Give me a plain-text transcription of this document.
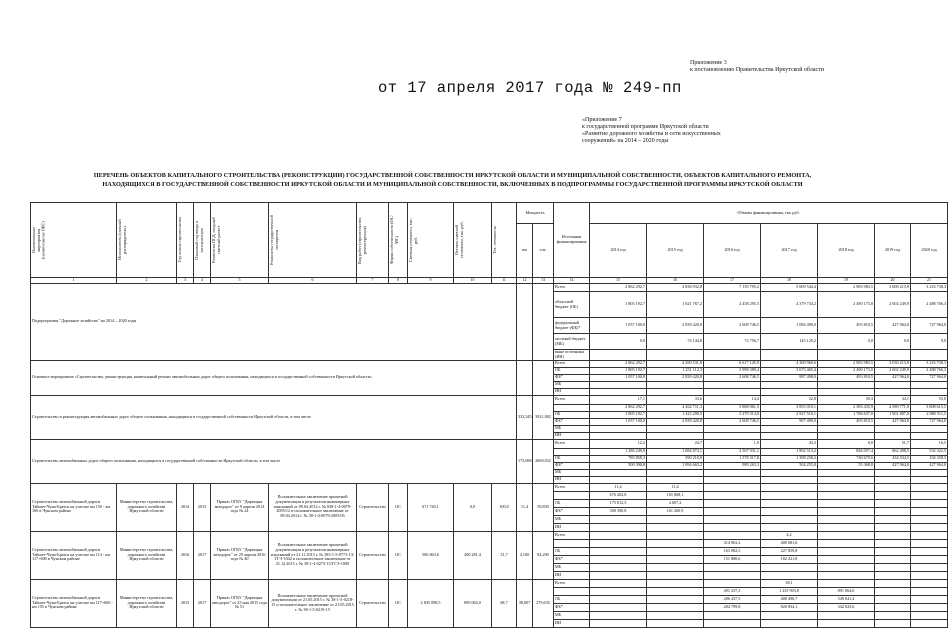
Приложение 3
к постановлению Правительства Иркутской области
от 17 апреля 2017 года № 249-пп
«Приложение 7
к государственной программе Иркутской области
«Развитие дорожного хозяйства и сети искусственных
сооружений» на 2014 – 2020 годы
ПЕРЕЧЕНЬ ОБЪЕКТОВ КАПИТАЛЬНОГО СТРОИТЕЛЬСТВА (РЕКОНСТРУКЦИИ) ГОСУДАРСТВЕННОЙ СОБСТВЕННОСТИ ИРКУТСКОЙ ОБЛАСТИ И МУНИЦИПАЛЬНОЙ СОБСТВЕННОСТИ, ОБЪЕКТОВ КАПИТАЛЬНОГО РЕМОНТА,
НАХОДЯЩИХСЯ В ГОСУДАРСТВЕННОЙ СОБСТВЕННОСТИ ИРКУТСКОЙ ОБЛАСТИ И МУНИЦИПАЛЬНОЙ СОБСТВЕННОСТИ, ВКЛЮЧЕННЫХ В ПОДПРОГРАММЫ ГОСУДАРСТВЕННОЙ ПРОГРАММЫ ИРКУТСКОЙ ОБЛАСТИ
Наименование мероприятия (наименование ОКС)	Исполнитель (главный распорядитель)	Год начала строительства	Плановый год ввода в эксплуатацию	Реквизиты ПСД, сводный сметный расчет	Реквизиты государственной экспертизы	Вид работ (строительство, реконструкция)	Форма собственности (ОС/МС)	Сметная стоимость, тыс. руб.	Остаток сметной стоимости, тыс. руб.	Тех. готовность	Мощность		Источники финансирования	Объемы финансирования, тыс руб.						
											км	п.м.		2014 год	2015 год	2016 год	2017 год	2018 год	2019 год	2020 год
1	2	3	4	5	6	7	8	9	10	11	12	13	14	15	16	17	18	19	20	21
Подпрограмма "Дорожное хозяйство" на 2014 – 2020 годы													Всего	2 862 292,7	4 836 932,8	7 139 795,2	5 609 544,4	2 983 983,5	3 000 213,9	3 216 730,3
													областной бюджет (ОБ)	1 805 192,7	1 621 767,2	4 458 295,5	4 379 734,2	2 490 173,0	2 602 249,9	2 488 766,3
													федеральный бюджет (ФБ)*	1 057 100,0	2 839 420,8	2 608 746,5	1 084 490,0	493 810,5	427 964,0	727 964,0
													местный бюджет (МБ)	0,0	74 144,8	72 756,7	145 120,2	0,0	0,0	0,0
													иные источники (ИИ)							
Основное мероприятие «Строительство, реконструкция, капитальный ремонт автомобильных дорог общего пользования, находящихся в государственной собственности Иркутской области»													Всего	2 862 292,7	4 290 531,9	6 617 145,9	4 360 960,6	2 983 983,5	3 030 213,9	3 216 730,3
													ОБ	1 805 192,7	1 251 112,3	3 998 389,4	3 673 465,4	2 490 173,0	2 602 249,9	2 488 766,3
													ФБ*	1 057 100,0	2 839 420,8	2 608 746,5	987 498,0	493 810,5	427 964,0	727 964,0
													МБ							
													ИИ							
Строительство и реконструкция автомобильных дорог общего пользования, находящихся в государственной собственности Иркутской области, в том числе											332,545	3921,082	Всего	17,1	33,6	14,4	32,8	39,3	34,1	55,0
														2 862 292,7	4 262 711,3	5 888 061,5	3 855 010,1	2 383 435,9	2 589 771,0	3 808 615,5
													ОБ	1 805 192,7	1 423 290,5	3 279 314,8	2 927 516,1	1 786 637,0	1 901 807,0	2 880 511,5
													ФБ*	1 057 100,0	2 839 420,8	2 608 746,5	907 490,0	493 810,5	427 964,0	727 964,0
													МБ							
													ИИ							
Строительство автомобильных дорог общего пользования, находящихся в государственной собственности Иркутской области, в том числе											173,696	2669,032	Всего	12,2	24,7	1,0	43,3	0,0	51,7	16,5
														1 286 249,9	1 684 874,1	2 567 931,1	1 802 513,2	826 057,4	862 498,5	532 322,5
													ОБ	785 858,3	590 210,9	1 578 317,8	1 398 258,2	730 679,6	434 534,5	104 358,5
													ФБ*	500 390,8	1 094 663,2	989 263,3	504 255,0	55 368,8	427 964,0	427 964,0
													МБ							
													ИИ							
Строительство автомобильной дороги Тайшет-Чуна-Братск на участке км 150 - км 160 в Чунском районе	Министерство строительства, дорожного хозяйства Иркутской области	2014	2015	Приказ ОГКУ "Дирекция автодорог" от 9 апреля 2014 года № 24	Положительное заключение проектной документации и результатов инженерных изысканий от 09.04.2014 г. № 038-1-4-0079-2005/12 и положительное заключение от 09.04.2014 г. № 38-1-4-0079-2005/03	Строительство	ОС	671 740,1	0,0	100,0	11,4	59,830	Всего	11,4	11,4					
														676 202,8	165 868,1					
													ОБ	175 812,5	4 607,2					
													ФБ*	500 390,8	161 260,9					
													МБ							
													ИИ							
Строительство автомобильной дороги Тайшет-Чуна-Братск на участке км 114 - км 117+600 в Чунском районе	Министерство строительства, дорожного хозяйства Иркутской области	2016	2017	Приказ ОГКУ "Дирекция автодорог" от 29 апреля 2016 года № 40	Положительное заключение проектной документации и результатов инженерных изысканий от 21.11.2013 г. № 383-1-5-0773-13/ГГЭ-1042 и положительное заключение от 21.12.2015 г. № 38-1-4-0273-15/ГГЭ-1009	Строительство	ОС	586 063,6	400 281,4	31,7	4,100	84,200	Всего				4,2			
																314 963,2	400 081,6			
													ОБ			163 082,5	227 859,8			
													ФБ*			151 880,6	182 221,8			
													МБ							
													ИИ							
Строительство автомобильной дороги Тайшет-Чуна-Братск на участке км 117+600 - км 155 в Чунском районе	Министерство строительства, дорожного хозяйства Иркутской области	2015	2017	Приказ ОГКУ "Дирекция автодорог" от 25 мая 2015 года № 51	Положительное заключение проектной документации от 21.05.2015 г. № 38-1-5-0218-15 и положительное заключение от 21.05.2015 г. № 38-1-5-0219-15	Строительство	ОС	2 845 098,5	890 064,0	68,7	38,007	279,635	Всего				38,1			
																491 237,3	1 235 903,8	891 064,0		
													ОБ			286 437,5	408 496,7	549 041,4		
													ФБ*			204 799,8	826 834,1	342 023,6		
													МБ							
													ИИ							
